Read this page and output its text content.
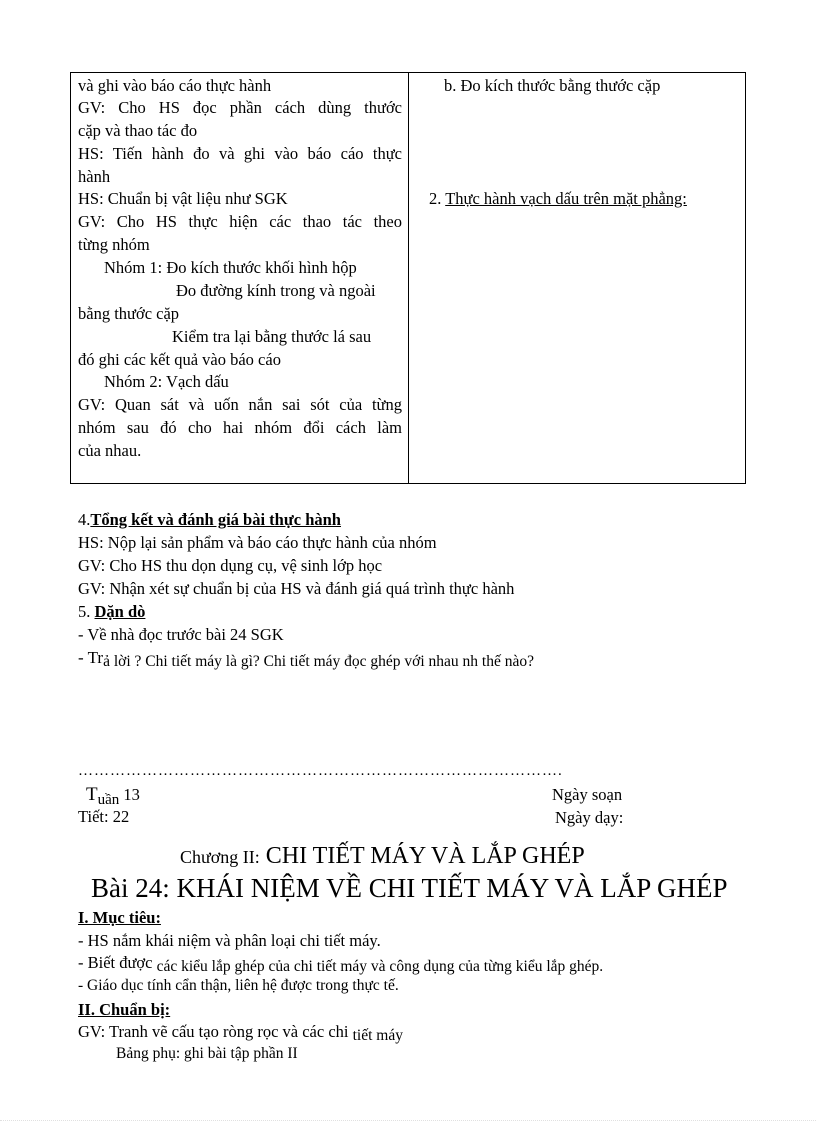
và ghi vào báo cáo thực hành
GV: Cho HS đọc phần cách dùng thước
cặp và thao tác đo
HS: Tiến hành đo và ghi vào báo cáo thực
hành
HS: Chuẩn bị vật liệu như SGK
GV: Cho HS thực hiện các thao tác theo
từng nhóm
Nhóm 1: Đo kích thước khối hình hộp
Đo đường kính trong và ngoài
bằng thước cặp
Kiểm tra lại bằng thước lá sau
đó ghi các kết quả vào báo cáo
Nhóm 2: Vạch dấu
GV: Quan sát và uốn nắn sai sót của từng
nhóm sau đó cho hai nhóm đổi cách làm
của nhau.
b. Đo kích thước bằng thước cặp
2. Thực hành vạch dấu trên mặt phẳng:
4.Tổng kết và đánh giá bài thực hành
HS: Nộp lại sản phẩm và báo cáo thực hành của nhóm
GV: Cho HS thu dọn dụng cụ, vệ sinh lớp học
GV: Nhận xét sự chuẩn bị của HS và đánh giá quá trình thực hành
5. Dặn dò
- Về nhà đọc trước bài 24 SGK
- Trả lời ? Chi tiết máy là gì? Chi tiết máy đọc ghép với nhau nh thế nào?
……………………………………………………………………………….
Tuần 13
Tiết: 22
Ngày soạn
Ngày dạy:
Chương II: CHI TIẾT MÁY VÀ LẮP GHÉP
Bài 24: KHÁI NIỆM VỀ CHI TIẾT MÁY VÀ LẮP GHÉP
I. Mục tiêu:
- HS nắm khái niệm và phân loại chi tiết máy.
- Biết được các kiểu lắp ghép của chi tiết máy và công dụng của từng kiểu lắp ghép.
- Giáo dục tính cẩn thận, liên hệ được trong thực tế.
II. Chuẩn bị:
GV: Tranh vẽ cấu tạo ròng rọc và các chi tiết máy
Bảng phụ: ghi bài tập phần II
